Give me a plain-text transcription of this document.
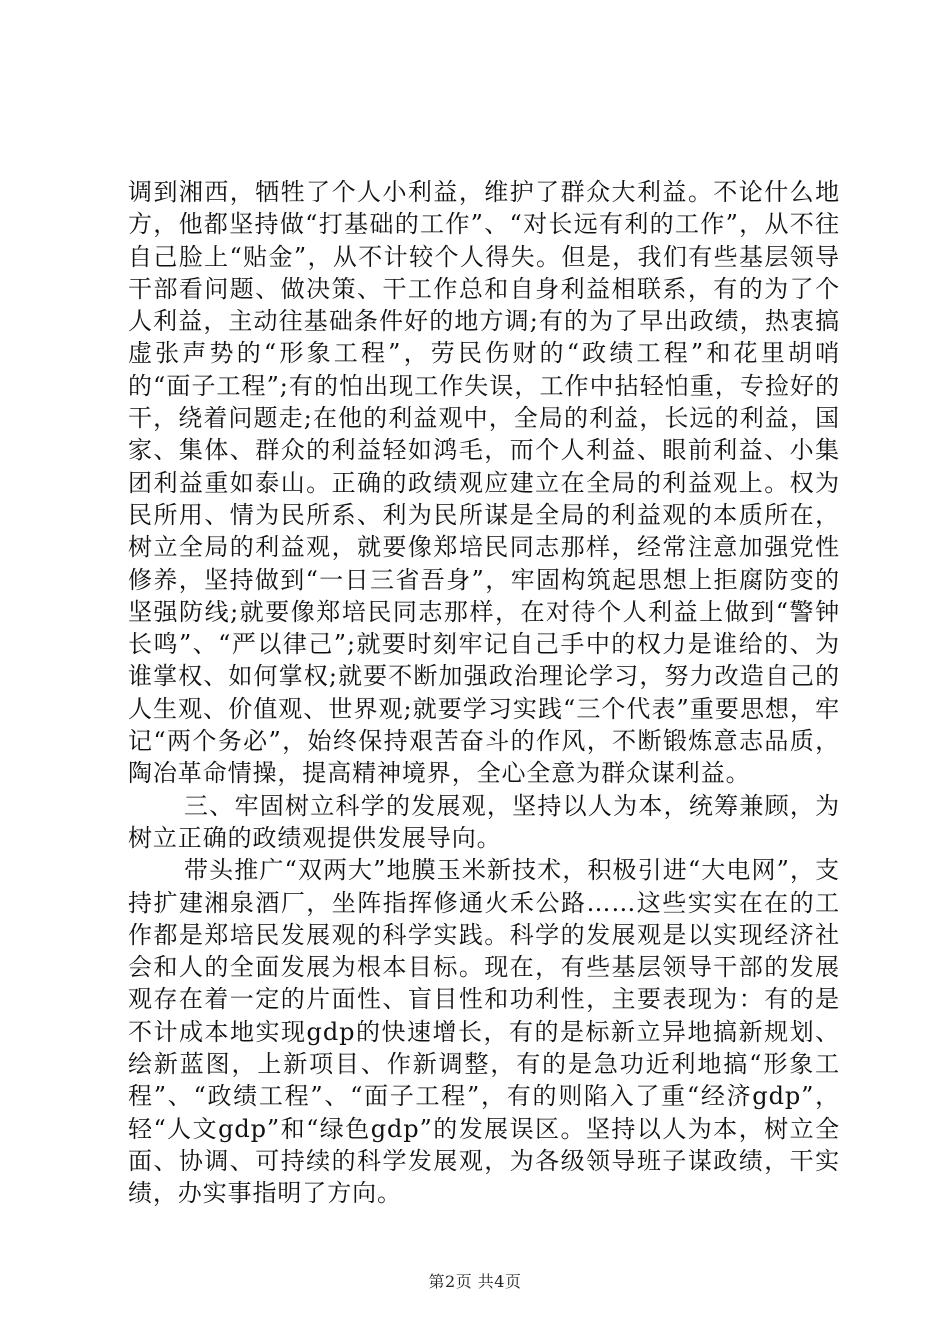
调到湘西，牺牲了个人小利益，维护了群众大利益。不论什么地方，他都坚持做“打基础的工作”、“对长远有利的工作”，从不往自己脸上“贴金”，从不计较个人得失。但是，我们有些基层领导干部看问题、做决策、干工作总和自身利益相联系，有的为了个人利益，主动往基础条件好的地方调;有的为了早出政绩，热衷搞虚张声势的“形象工程”，劳民伤财的“政绩工程”和花里胡哨的“面子工程”;有的怕出现工作失误，工作中拈轻怕重，专捡好的干，绕着问题走;在他的利益观中，全局的利益，长远的利益，国家、集体、群众的利益轻如鸿毛，而个人利益、眼前利益、小集团利益重如泰山。正确的政绩观应建立在全局的利益观上。权为民所用、情为民所系、利为民所谋是全局的利益观的本质所在，树立全局的利益观，就要像郑培民同志那样，经常注意加强党性修养，坚持做到“一日三省吾身”，牢固构筑起思想上拒腐防变的坚强防线;就要像郑培民同志那样，在对待个人利益上做到“警钟长鸣”、“严以律己”;就要时刻牢记自己手中的权力是谁给的、为谁掌权、如何掌权;就要不断加强政治理论学习，努力改造自己的人生观、价值观、世界观;就要学习实践“三个代表”重要思想，牢记“两个务必”，始终保持艰苦奋斗的作风，不断锻炼意志品质，陶冶革命情操，提高精神境界，全心全意为群众谋利益。

三、牢固树立科学的发展观，坚持以人为本，统筹兼顾，为树立正确的政绩观提供发展导向。

带头推广“双两大”地膜玉米新技术，积极引进“大电网”，支持扩建湘泉酒厂，坐阵指挥修通火禾公路……这些实实在在的工作都是郑培民发展观的科学实践。科学的发展观是以实现经济社会和人的全面发展为根本目标。现在，有些基层领导干部的发展观存在着一定的片面性、盲目性和功利性，主要表现为：有的是不计成本地实现gdp的快速增长，有的是标新立异地搞新规划、绘新蓝图，上新项目、作新调整，有的是急功近利地搞“形象工程”、“政绩工程”、“面子工程”，有的则陷入了重“经济gdp”，轻“人文gdp”和“绿色gdp”的发展误区。坚持以人为本，树立全面、协调、可持续的科学发展观，为各级领导班子谋政绩，干实绩，办实事指明了方向。

第2页 共4页
